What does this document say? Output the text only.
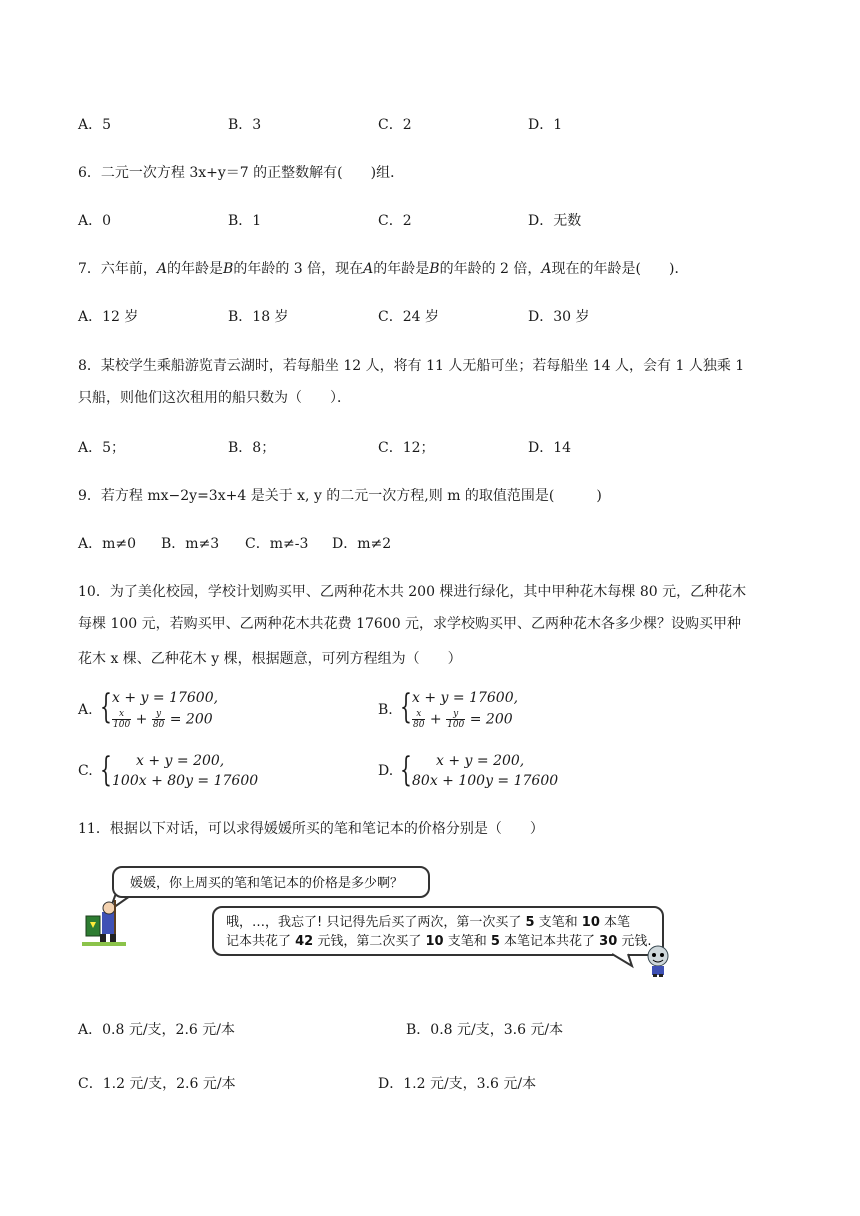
A．5	B．3	C．2	D．1
6．二元一次方程 3x+y＝7 的正整数解有(　　)组．
A．0	B．1	C．2	D．无数
7．六年前，A的年龄是B的年龄的 3 倍，现在A的年龄是B的年龄的 2 倍，A现在的年龄是(　　)．
A．12 岁	B．18 岁	C．24 岁	D．30 岁
8．某校学生乘船游览青云湖时，若每船坐 12 人，将有 11 人无船可坐；若每船坐 14 人，会有 1 人独乘 1
只船，则他们这次租用的船只数为（　　）．
A．5；	B．8；	C．12；	D．14
9．若方程 mx−2y=3x+4 是关于 x, y 的二元一次方程,则 m 的取值范围是(　　　)
A．m≠0 B．m≠3 C．m≠-3 D．m≠2
10．为了美化校园，学校计划购买甲、乙两种花木共 200 棵进行绿化，其中甲种花木每棵 80 元，乙种花木
每棵 100 元，若购买甲、乙两种花木共花费 17600 元，求学校购买甲、乙两种花木各多少棵？设购买甲种
花木 x 棵、乙种花木 y 棵，根据题意，可列方程组为（　　）
A. { x + y = 17600,
$\frac{x}{100} + \frac{y}{80} = 200$
B. { x + y = 17600,
$\frac{x}{80} + \frac{y}{100} = 200$
C. {	x + y = 200,
100x + 80y = 17600
D. {	x + y = 200,
80x + 100y = 17600
11．根据以下对话，可以求得媛媛所买的笔和笔记本的价格分别是（　　）
媛媛，你上周买的笔和笔记本的价格是多少啊？
哦，…，我忘了! 只记得先后买了两次，第一次买了 5 支笔和 10 本笔
记本共花了 42 元钱，第二次买了 10 支笔和 5 本笔记本共花了 30 元钱.
A．0.8 元/支，2.6 元/本	B．0.8 元/支，3.6 元/本
C．1.2 元/支，2.6 元/本	D．1.2 元/支，3.6 元/本
